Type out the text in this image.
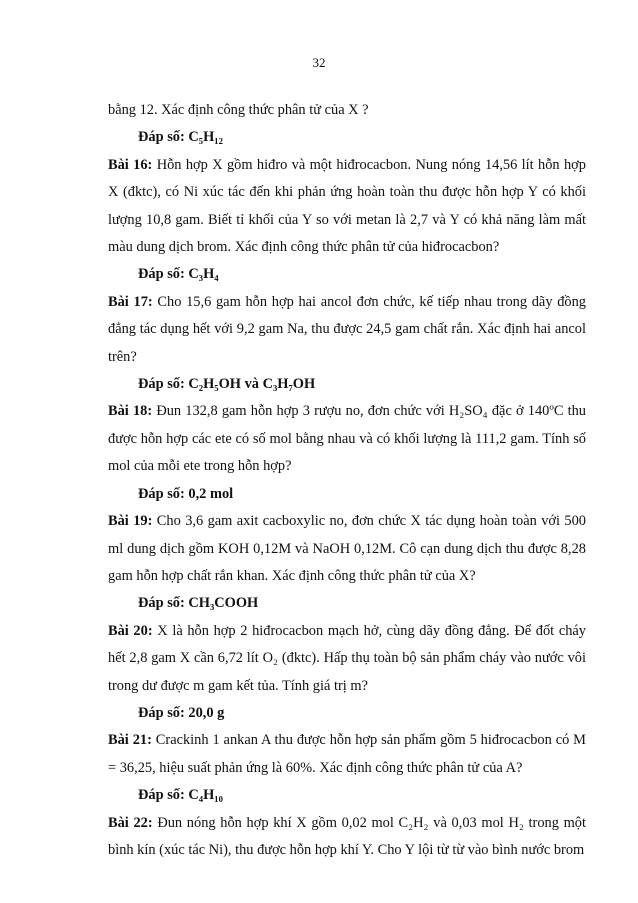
32

bằng 12. Xác định công thức phân tử của X ?

Đáp số: C₅H₁₂

Bài 16: Hỗn hợp X gồm hiđro và một hiđrocacbon. Nung nóng 14,56 lít hỗn hợp X (đktc), có Ni xúc tác đến khi phản ứng hoàn toàn thu được hỗn hợp Y có khối lượng 10,8 gam. Biết tỉ khối của Y so với metan là 2,7 và Y có khả năng làm mất màu dung dịch brom. Xác định công thức phân tử của hiđrocacbon?

Đáp số: C₃H₄

Bài 17: Cho 15,6 gam hỗn hợp hai ancol đơn chức, kế tiếp nhau trong dãy đồng đẳng tác dụng hết với 9,2 gam Na, thu được 24,5 gam chất rắn. Xác định hai ancol trên?

Đáp số: C₂H₅OH và C₃H₇OH

Bài 18: Đun 132,8 gam hỗn hợp 3 rượu no, đơn chức với H₂SO₄ đặc ở 140ºC thu được hỗn hợp các ete có số mol bằng nhau và có khối lượng là 111,2 gam. Tính số mol của mỗi ete trong hỗn hợp?

Đáp số: 0,2 mol

Bài 19: Cho 3,6 gam axit cacboxylic no, đơn chức X tác dụng hoàn toàn với 500 ml dung dịch gồm KOH 0,12M và NaOH 0,12M. Cô cạn dung dịch thu được 8,28 gam hỗn hợp chất rắn khan. Xác định công thức phân tử của X?

Đáp số: CH₃COOH

Bài 20: X là hỗn hợp 2 hiđrocacbon mạch hở, cùng dãy đồng đẳng. Để đốt cháy hết 2,8 gam X cần 6,72 lít O₂ (đktc). Hấp thụ toàn bộ sản phẩm cháy vào nước vôi trong dư được m gam kết tủa. Tính giá trị m?

Đáp số: 20,0 g

Bài 21: Crackinh 1 ankan A thu được hỗn hợp sản phẩm gồm 5 hiđrocacbon có M = 36,25, hiệu suất phản ứng là 60%. Xác định công thức phân tử của A?

Đáp số: C₄H₁₀

Bài 22: Đun nóng hỗn hợp khí X gồm 0,02 mol C₂H₂ và 0,03 mol H₂ trong một bình kín (xúc tác Ni), thu được hỗn hợp khí Y. Cho Y lội từ từ vào bình nước brom
